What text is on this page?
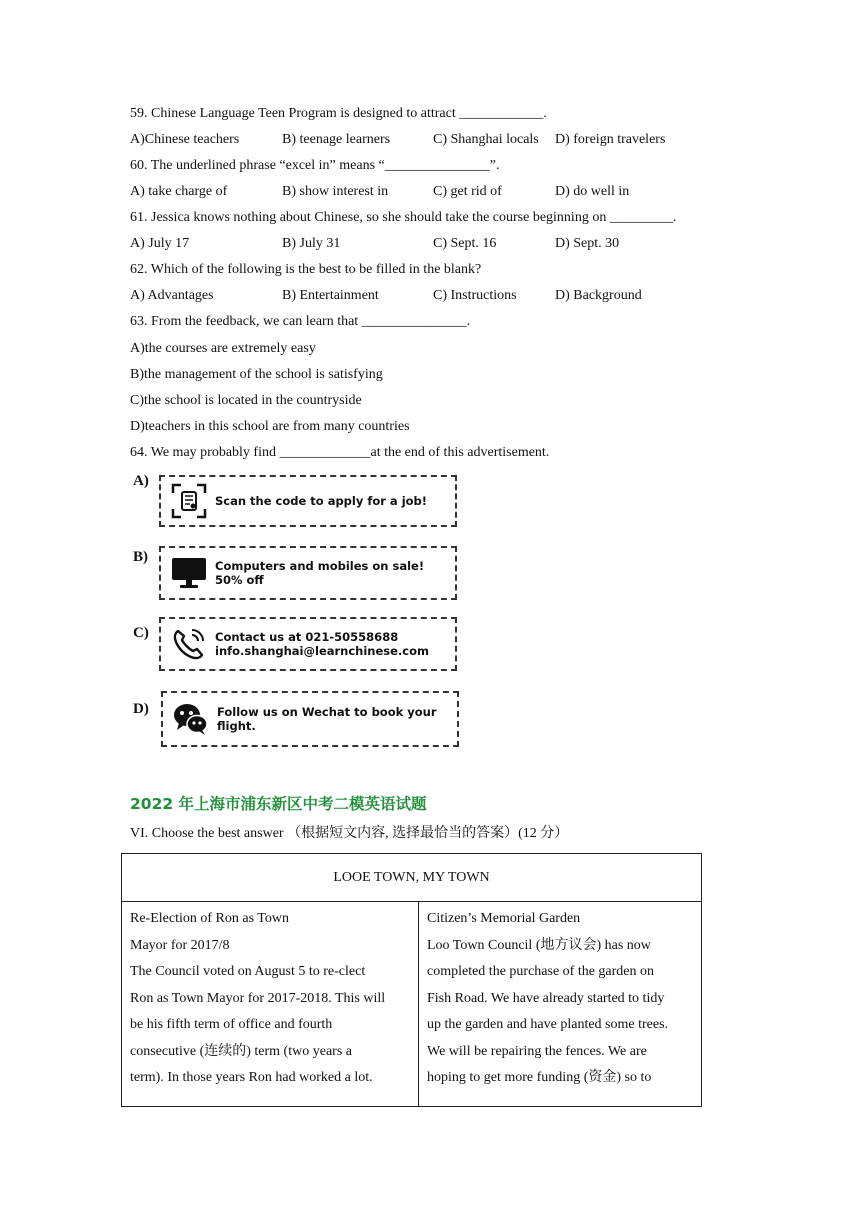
59. Chinese Language Teen Program is designed to attract ____________.
A)Chinese teachers	B) teenage learners	C) Shanghai locals D) foreign travelers
60. The underlined phrase “excel in” means “_______________”.
A) take charge of	B) show interest in	C) get rid of	D) do well in
61. Jessica knows nothing about Chinese, so she should take the course beginning on _________.
A) July 17	B) July 31	C) Sept. 16	D) Sept. 30
62. Which of the following is the best to be filled in the blank?
A) Advantages	B) Entertainment	C) Instructions	D) Background
63. From the feedback, we can learn that _______________.
A)the courses are extremely easy
B)the management of the school is satisfying
C)the school is located in the countryside
D)teachers in this school are from many countries
64. We may probably find _____________at the end of this advertisement.
A)
Scan the code to apply for a job!
B)
Computers and mobiles on sale!
50% off
C)	Contact us at 021-50558688
info.shanghai@learnchinese.com
D)	Follow us on Wechat to book your
flight.
2022 年上海市浦东新区中考二模英语试题
VI. Choose the best answer （根据短文内容, 选择最恰当的答案）(12 分）
LOOE TOWN, MY TOWN

Re-Election of Ron as Town

Mayor for 2017/8

The Council voted on August 5 to re-clect

Ron as Town Mayor for 2017-2018. This will

be his fifth term of office and fourth

consecutive (连续的) term (two years a

term). In those years Ron had worked a lot.

Citizen’s Memorial Garden

Loo Town Council (地方议会) has now

completed the purchase of the garden on

Fish Road. We have already started to tidy

up the garden and have planted some trees.

We will be repairing the fences. We are

hoping to get more funding (资金) so to
